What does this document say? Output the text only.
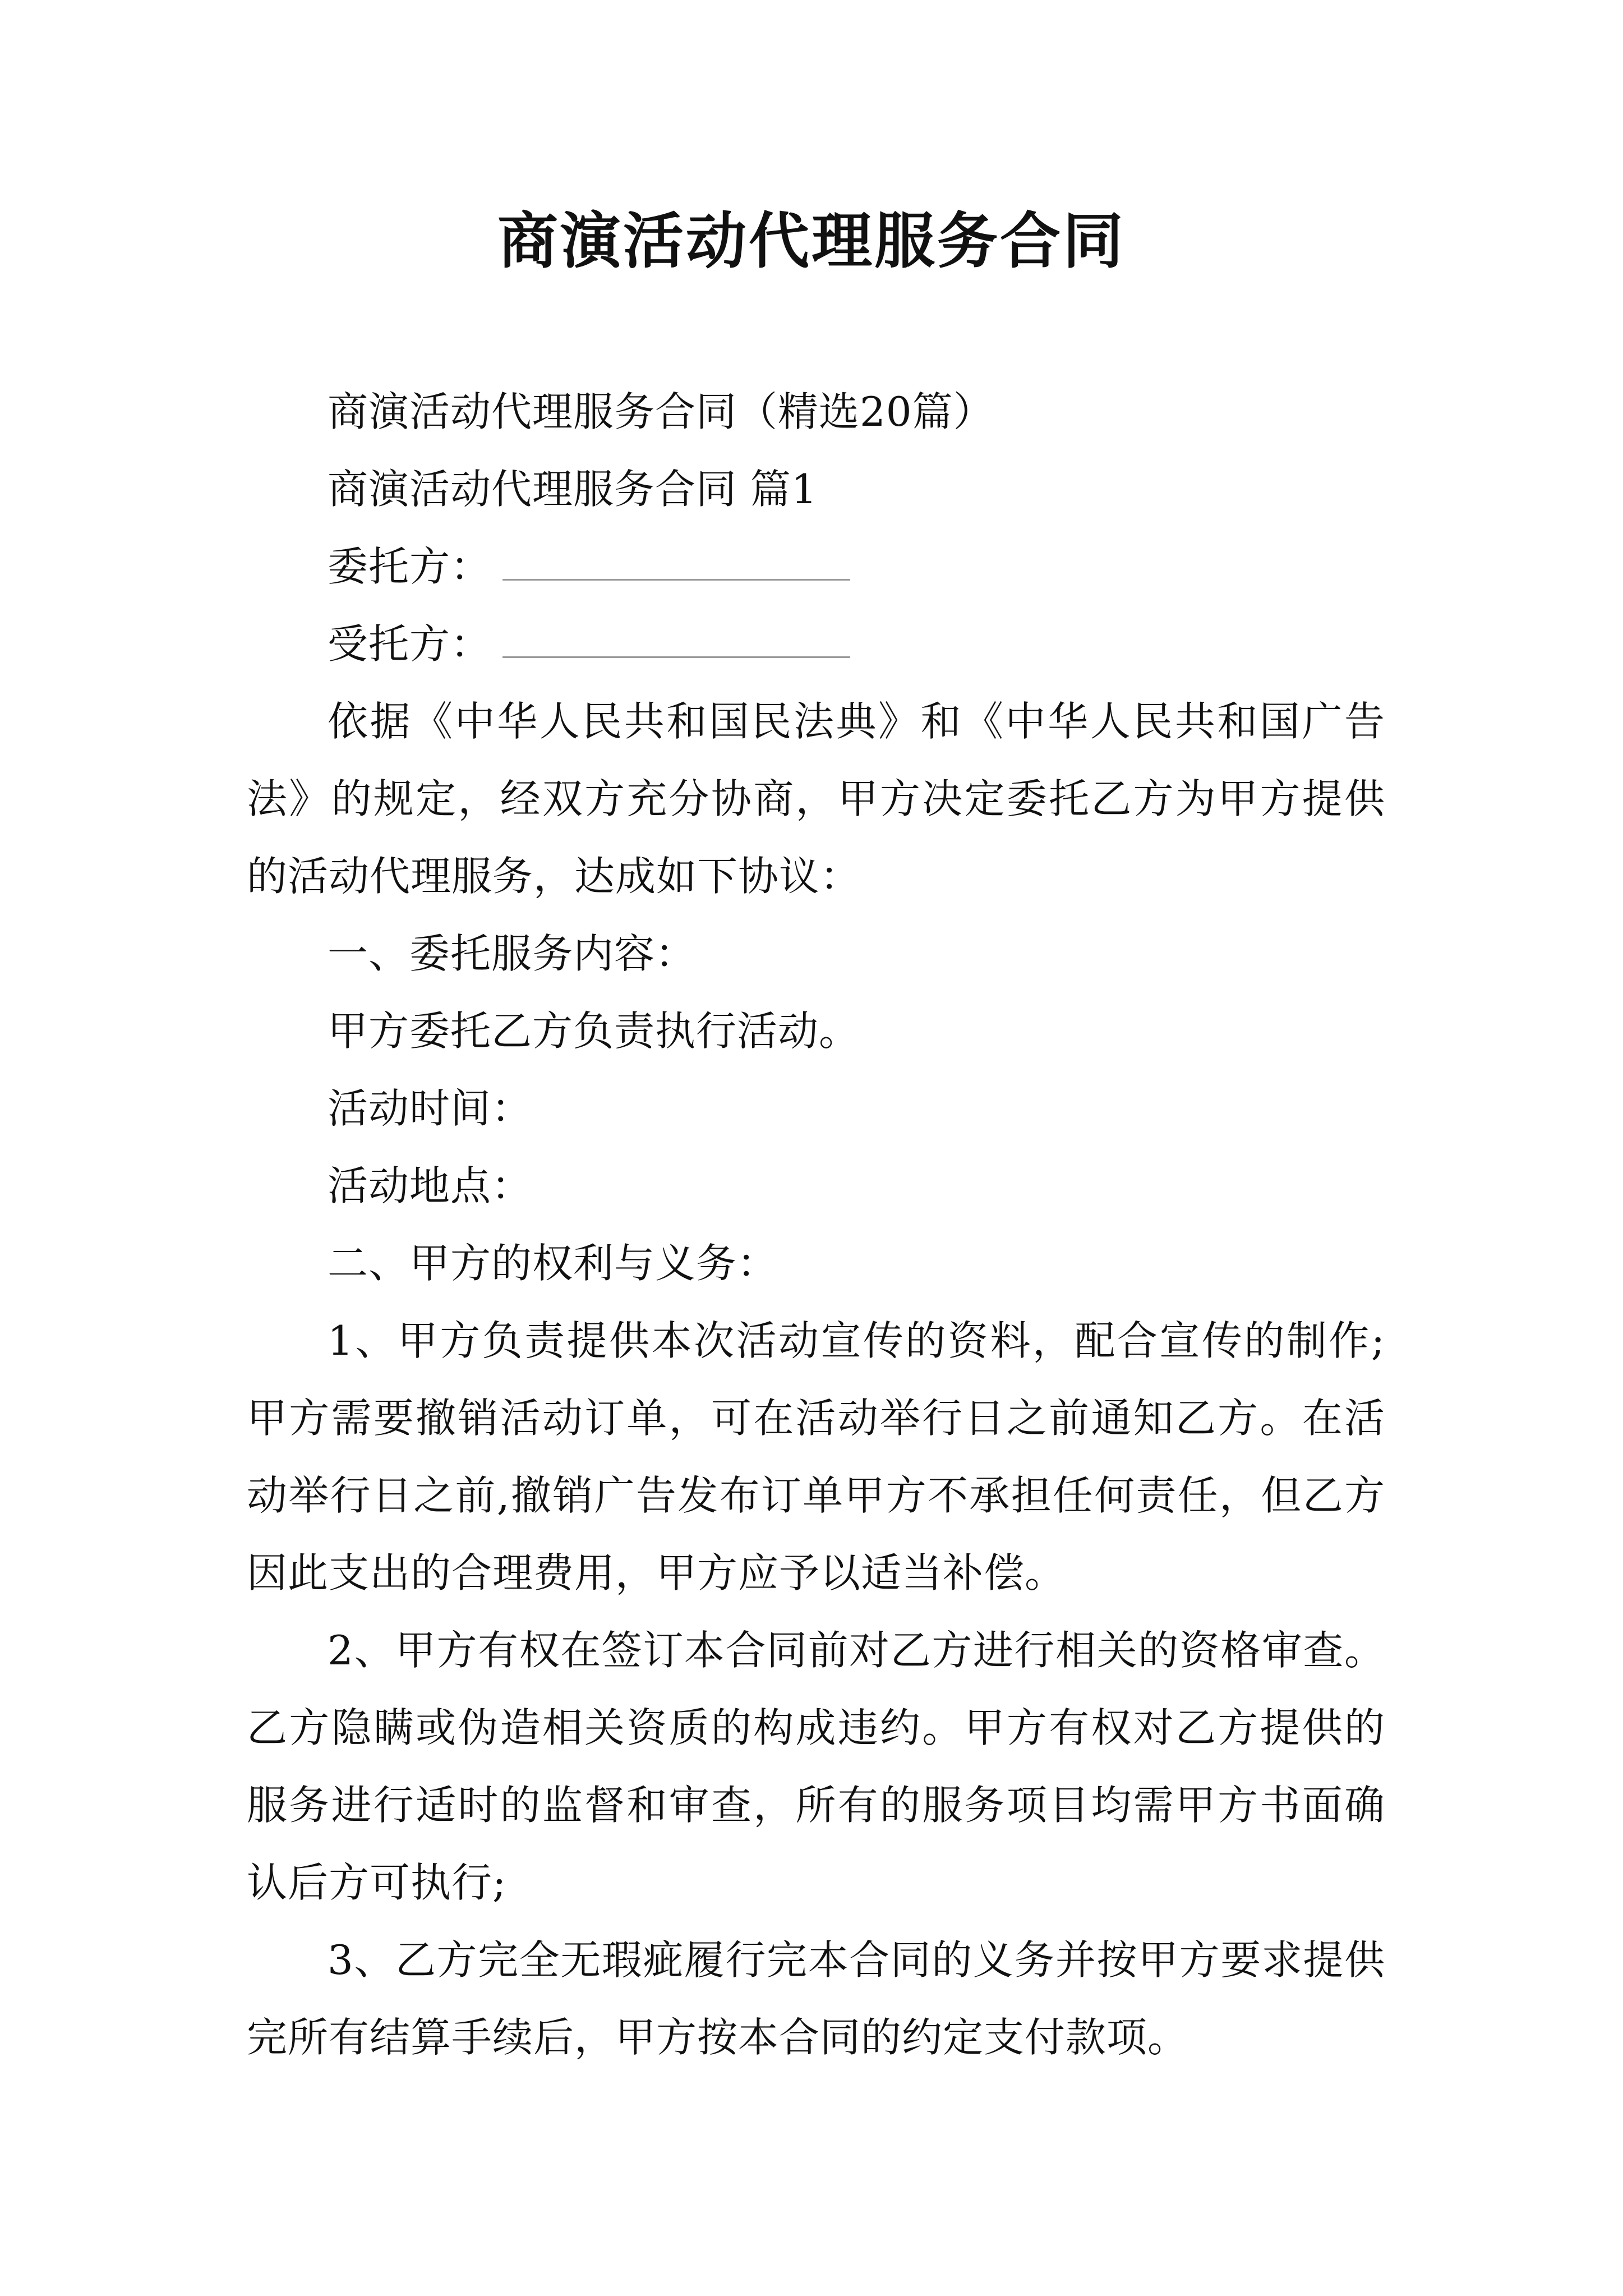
商演活动代理服务合同

商演活动代理服务合同（精选20篇）

商演活动代理服务合同 篇1

委托方：

受托方：

依据《中华人民共和国民法典》和《中华人民共和国广告法》的规定，经双方充分协商，甲方决定委托乙方为甲方提供的活动代理服务，达成如下协议：

一、委托服务内容：

甲方委托乙方负责执行活动。

活动时间：

活动地点：

二、甲方的权利与义务：

1、甲方负责提供本次活动宣传的资料，配合宣传的制作;甲方需要撤销活动订单，可在活动举行日之前通知乙方。在活动举行日之前,撤销广告发布订单甲方不承担任何责任，但乙方因此支出的合理费用，甲方应予以适当补偿。

2、甲方有权在签订本合同前对乙方进行相关的资格审查。乙方隐瞒或伪造相关资质的构成违约。甲方有权对乙方提供的服务进行适时的监督和审查，所有的服务项目均需甲方书面确认后方可执行;

3、乙方完全无瑕疵履行完本合同的义务并按甲方要求提供完所有结算手续后，甲方按本合同的约定支付款项。
